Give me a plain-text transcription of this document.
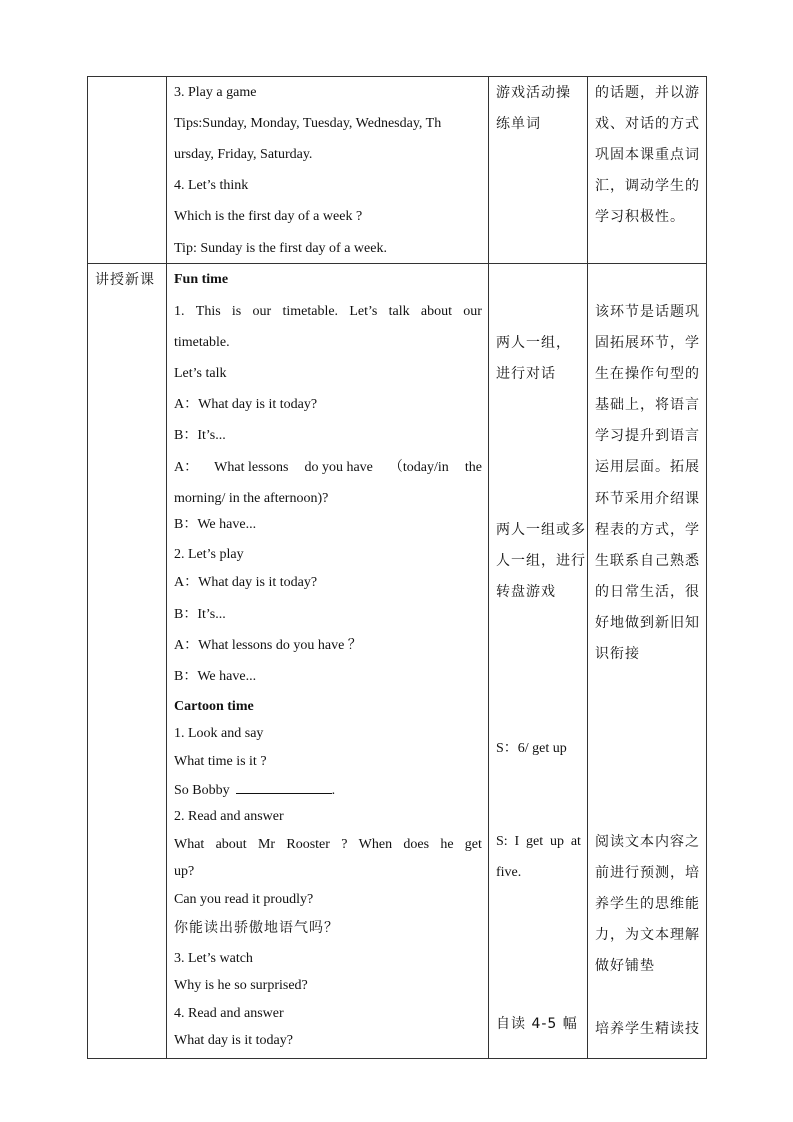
3. Play a game
Tips:Sunday, Monday, Tuesday, Wednesday, Th
ursday, Friday, Saturday.
4. Let’s think
Which is the first day of a week ?
Tip: Sunday is the first day of a week.
游戏活动操
练单词
的话题，并以游
戏、对话的方式
巩固本课重点词
汇，调动学生的
学习积极性。
讲授新课 Fun time
1. This is our timetable. Let’s talk about our
timetable.
Let’s talk
A：What day is it today?
B：It’s...
A： What lessons do you have （today/in the
morning/ in the afternoon)?
B：We have...
2. Let’s play
A：What day is it today?
B：It’s...
A：What lessons do you have ？
B：We have...
Cartoon time
1. Look and say
What time is it ?
So Bobby	.
2. Read and answer
What about Mr Rooster ? When does he get
up?
Can you read it proudly?
你能读出骄傲地语气吗？
3. Let’s watch
Why is he so surprised?
4. Read and answer
What day is it today?
两人一组，
进行对话
两人一组或多
人一组，进行
转盘游戏
S：6/ get up
S: I get up at
five.
自读 4-5 幅
该环节是话题巩
固拓展环节，学
生在操作句型的
基础上，将语言
学习提升到语言
运用层面。拓展
环节采用介绍课
程表的方式，学
生联系自己熟悉
的日常生活，很
好地做到新旧知
识衔接
阅读文本内容之
前进行预测，培
养学生的思维能
力，为文本理解
做好铺垫
培养学生精读技
